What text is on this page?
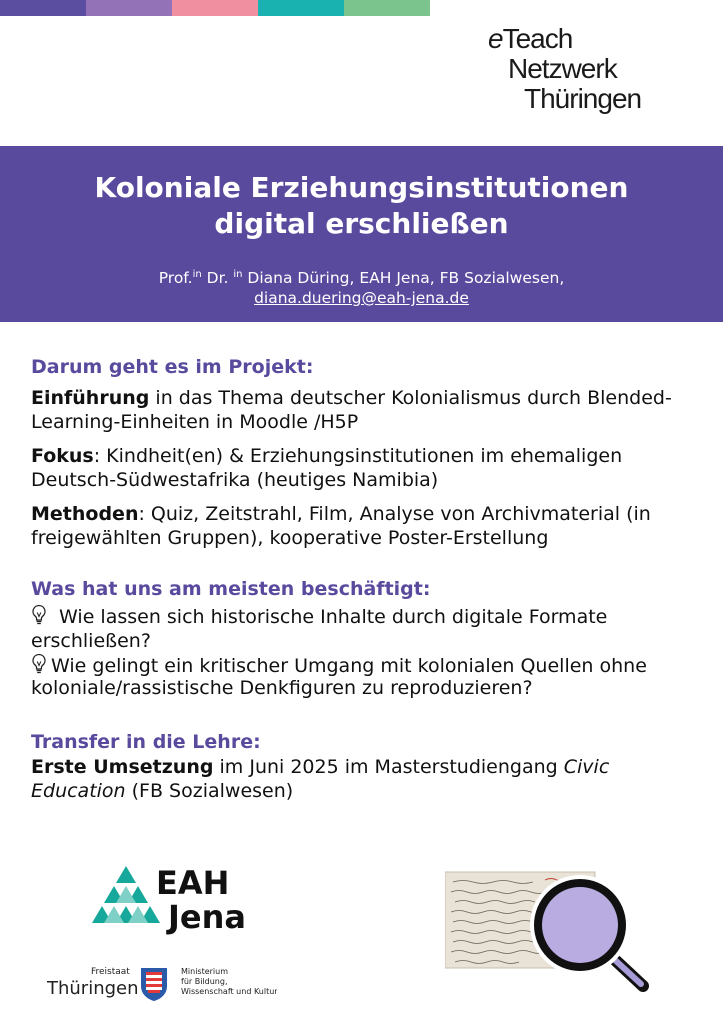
eTeach
Netzwerk
Thüringen
Koloniale Erziehungsinstitutionen
digital erschließen
Prof.$^{in}$ Dr. $^{in}$ Diana Düring, EAH Jena, FB Sozialwesen,
diana.duering@eah-jena.de
Darum geht es im Projekt:

Einführung in das Thema deutscher Kolonialismus durch Blended-Learning-Einheiten in Moodle /H5P

Fokus: Kindheit(en) & Erziehungsinstitutionen im ehemaligen Deutsch-Südwestafrika (heutiges Namibia)

Methoden: Quiz, Zeitstrahl, Film, Analyse von Archivmaterial (in freigewählten Gruppen), kooperative Poster-Erstellung

Was hat uns am meisten beschäftigt:

Wie lassen sich historische Inhalte durch digitale Formate erschließen?

Wie gelingt ein kritischer Umgang mit kolonialen Quellen ohne koloniale/rassistische Denkfiguren zu reproduzieren?

Transfer in die Lehre:

Erste Umsetzung im Juni 2025 im Masterstudiengang Civic Education (FB Sozialwesen)

EAH
Jena
Freistaat
Thüringen
Ministerium
für Bildung,
Wissenschaft und Kultur
